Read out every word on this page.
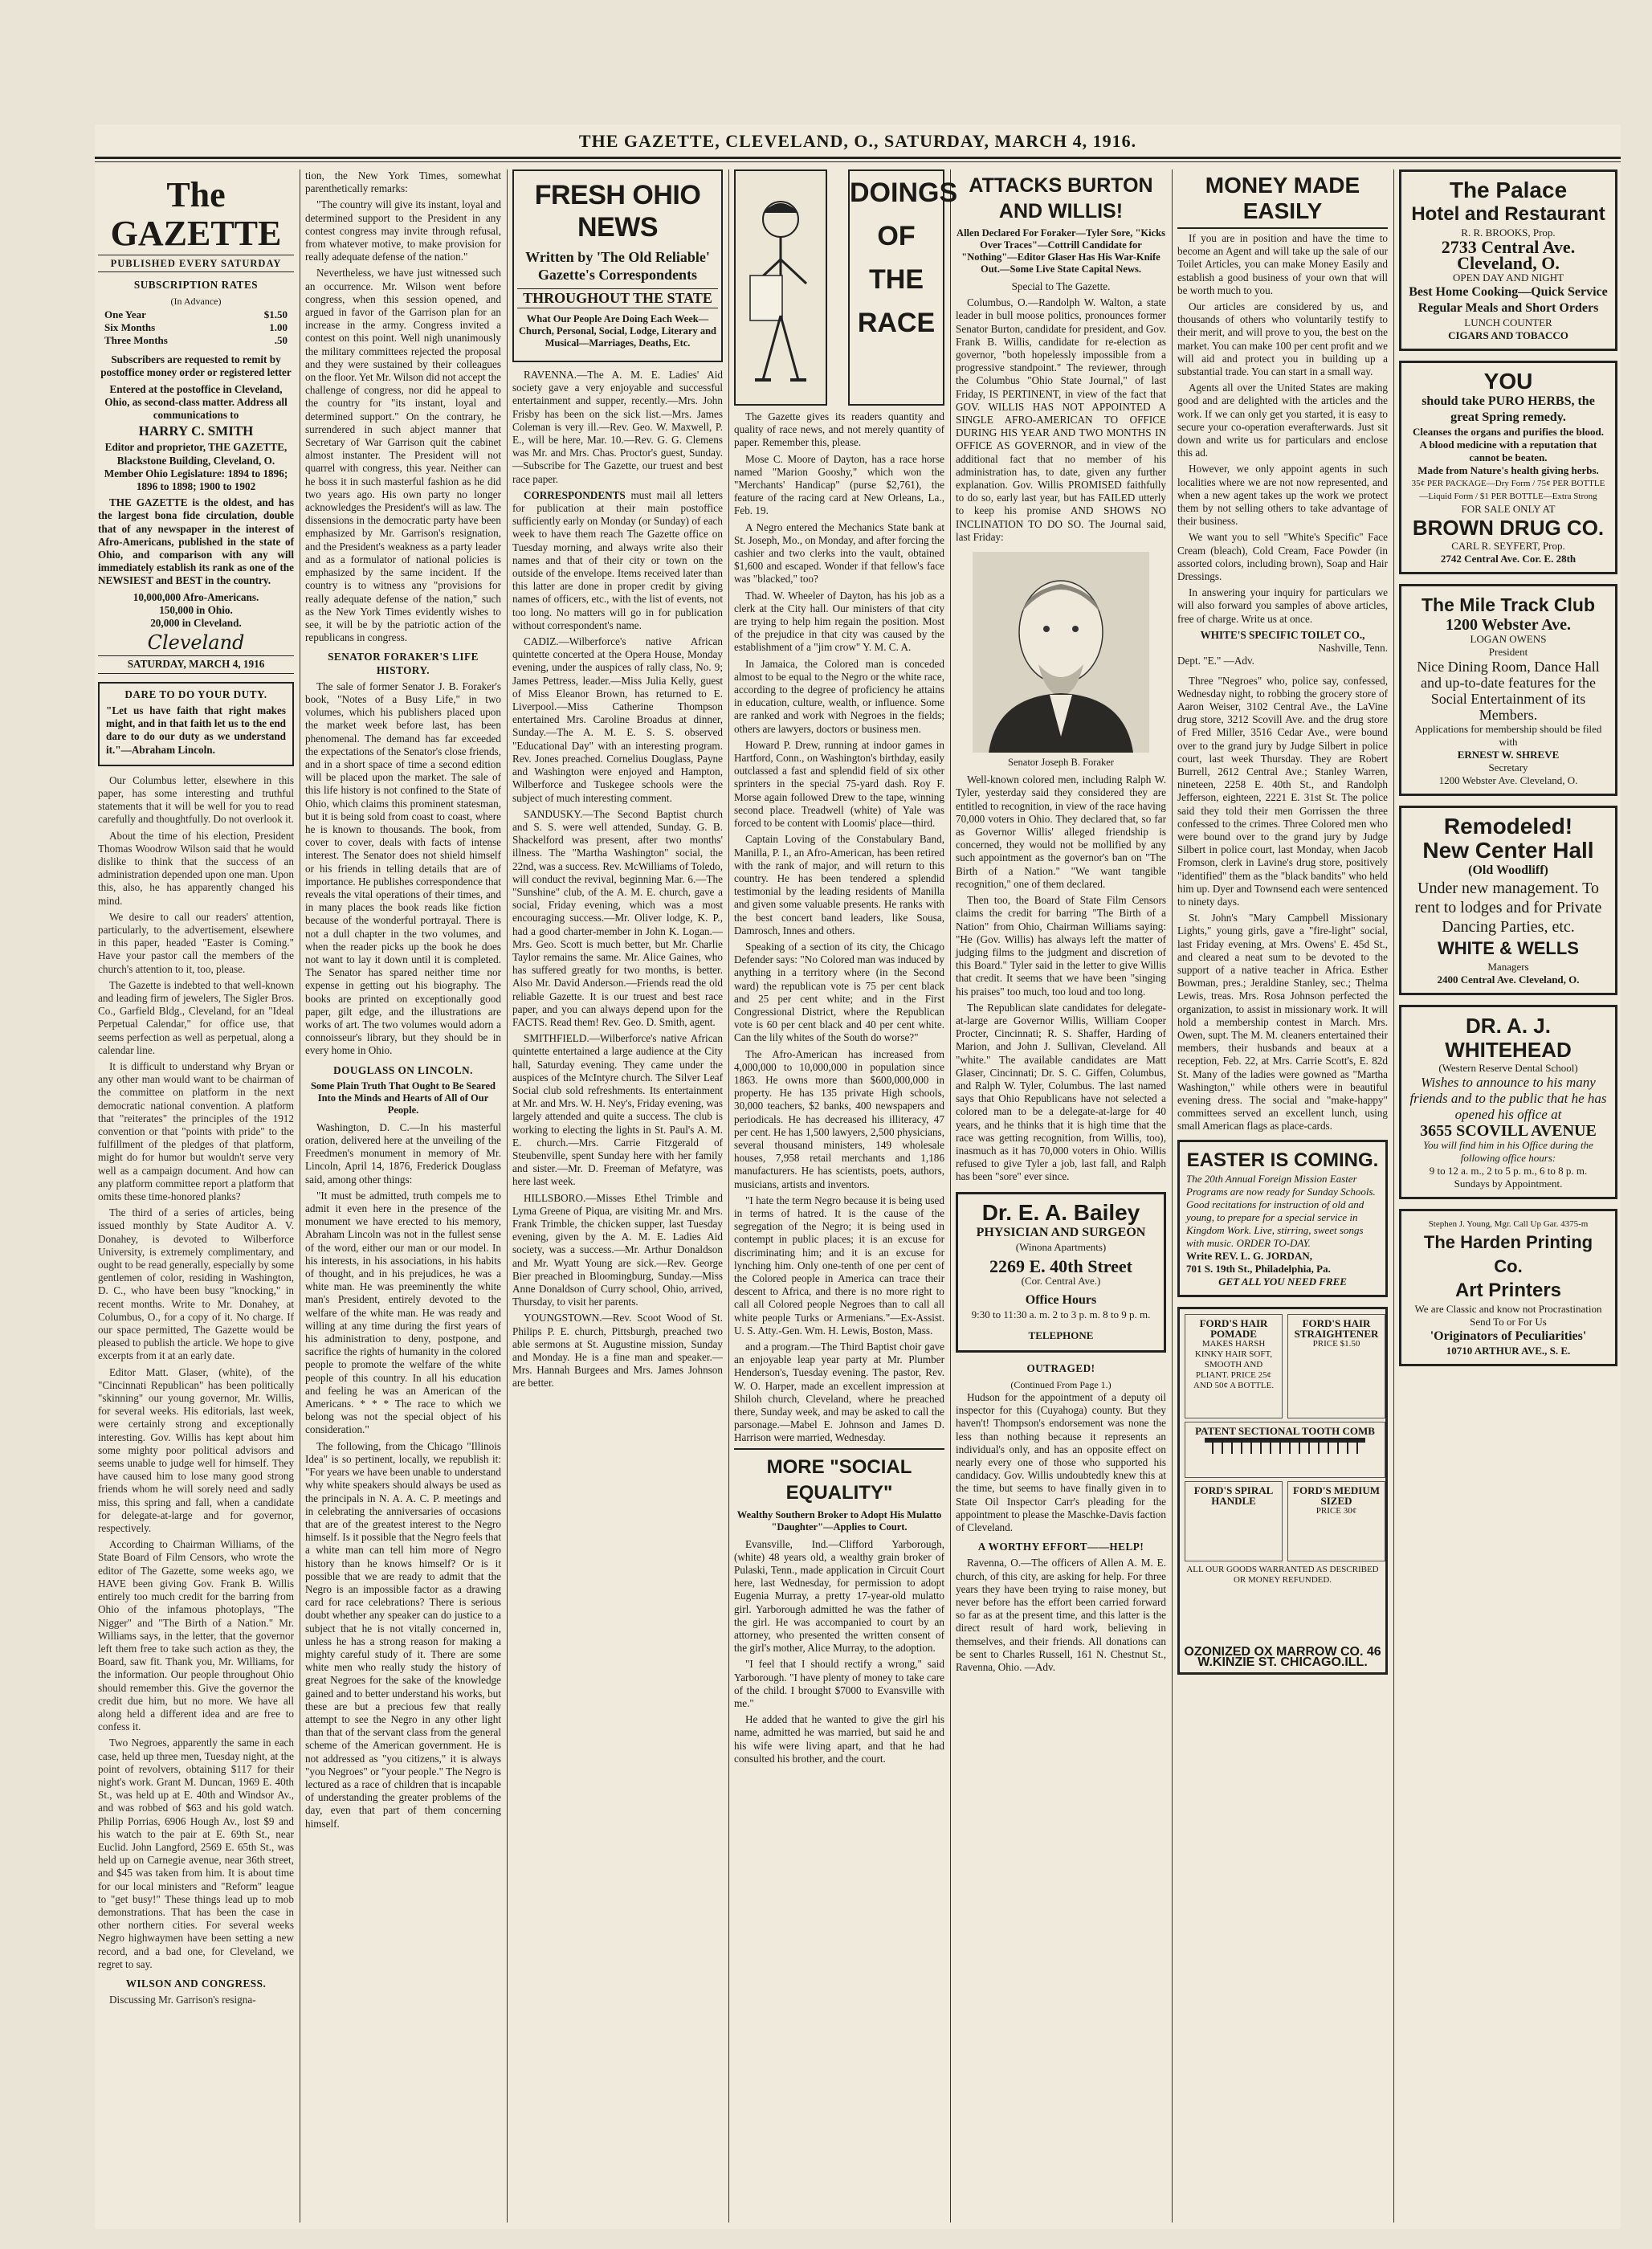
THE GAZETTE, CLEVELAND, O., SATURDAY, MARCH 4, 1916.
The GAZETTE
PUBLISHED EVERY SATURDAY
SUBSCRIPTION RATES
(In Advance)
One Year	$1.50
Six Months	1.00
Three Months	.50

Subscribers are requested to remit by postoffice money order or registered letter

Entered at the postoffice in Cleveland, Ohio, as second-class matter. Address all communications to

HARRY C. SMITH
Editor and proprietor, THE GAZETTE,

Blackstone Building, Cleveland, O. Member Ohio Legislature: 1894 to 1896; 1896 to 1898; 1900 to 1902

THE GAZETTE is the oldest, and has the largest bona fide circulation, double that of any newspaper in the interest of Afro-Americans, published in the state of Ohio, and comparison with any will immediately establish its rank as one of the NEWSIEST and BEST in the country.

10,000,000 Afro-Americans.
150,000 in Ohio.
20,000 in Cleveland.
Cleveland
SATURDAY, MARCH 4, 1916
DARE TO DO YOUR DUTY.

"Let us have faith that right makes might, and in that faith let us to the end dare to do our duty as we understand it."—Abraham Lincoln.

Our Columbus letter, elsewhere in this paper, has some interesting and truthful statements that it will be well for you to read carefully and thoughtfully. Do not overlook it.

About the time of his election, President Thomas Woodrow Wilson said that he would dislike to think that the success of an administration depended upon one man. Upon this, also, he has apparently changed his mind.

We desire to call our readers' attention, particularly, to the advertisement, elsewhere in this paper, headed "Easter is Coming." Have your pastor call the members of the church's attention to it, too, please.

The Gazette is indebted to that well-known and leading firm of jewelers, The Sigler Bros. Co., Garfield Bldg., Cleveland, for an "Ideal Perpetual Calendar," for office use, that seems perfection as well as perpetual, along a calendar line.

It is difficult to understand why Bryan or any other man would want to be chairman of the committee on platform in the next democratic national convention. A platform that "reiterates" the principles of the 1912 convention or that "points with pride" to the fulfillment of the pledges of that platform, might do for humor but wouldn't serve very well as a campaign document. And how can any platform committee report a platform that omits these time-honored planks?

The third of a series of articles, being issued monthly by State Auditor A. V. Donahey, is devoted to Wilberforce University, is extremely complimentary, and ought to be read generally, especially by some gentlemen of color, residing in Washington, D. C., who have been busy "knocking," in recent months. Write to Mr. Donahey, at Columbus, O., for a copy of it. No charge. If our space permitted, The Gazette would be pleased to publish the article. We hope to give excerpts from it at an early date.

Editor Matt. Glaser, (white), of the "Cincinnati Republican" has been politically "skinning" our young governor, Mr. Willis, for several weeks. His editorials, last week, were certainly strong and exceptionally interesting. Gov. Willis has kept about him some mighty poor political advisors and seems unable to judge well for himself. They have caused him to lose many good strong friends whom he will sorely need and sadly miss, this spring and fall, when a candidate for delegate-at-large and for governor, respectively.

According to Chairman Williams, of the State Board of Film Censors, who wrote the editor of The Gazette, some weeks ago, we HAVE been giving Gov. Frank B. Willis entirely too much credit for the barring from Ohio of the infamous photoplays, "The Nigger" and "The Birth of a Nation." Mr. Williams says, in the letter, that the governor left them free to take such action as they, the Board, saw fit. Thank you, Mr. Williams, for the information. Our people throughout Ohio should remember this. Give the governor the credit due him, but no more. We have all along held a different idea and are free to confess it.

Two Negroes, apparently the same in each case, held up three men, Tuesday night, at the point of revolvers, obtaining $117 for their night's work. Grant M. Duncan, 1969 E. 40th St., was held up at E. 40th and Windsor Av., and was robbed of $63 and his gold watch. Philip Porrias, 6906 Hough Av., lost $9 and his watch to the pair at E. 69th St., near Euclid. John Langford, 2569 E. 65th St., was held up on Carnegie avenue, near 36th street, and $45 was taken from him. It is about time for our local ministers and "Reform" league to "get busy!" These things lead up to mob demonstrations. That has been the case in other northern cities. For several weeks Negro highwaymen have been setting a new record, and a bad one, for Cleveland, we regret to say.

WILSON AND CONGRESS.

Discussing Mr. Garrison's resigna-

tion, the New York Times, somewhat parenthetically remarks:

"The country will give its instant, loyal and determined support to the President in any contest congress may invite through refusal, from whatever motive, to make provision for really adequate defense of the nation."

Nevertheless, we have just witnessed such an occurrence. Mr. Wilson went before congress, when this session opened, and argued in favor of the Garrison plan for an increase in the army. Congress invited a contest on this point. Well nigh unanimously the military committees rejected the proposal and they were sustained by their colleagues on the floor. Yet Mr. Wilson did not accept the challenge of congress, nor did he appeal to the country for "its instant, loyal and determined support." On the contrary, he surrendered in such abject manner that Secretary of War Garrison quit the cabinet almost instanter. The President will not quarrel with congress, this year. Neither can he boss it in such masterful fashion as he did two years ago. His own party no longer acknowledges the President's will as law. The dissensions in the democratic party have been emphasized by Mr. Garrison's resignation, and the President's weakness as a party leader and as a formulator of national policies is emphasized by the same incident. If the country is to witness any "provisions for really adequate defense of the nation," such as the New York Times evidently wishes to see, it will be by the patriotic action of the republicans in congress.

SENATOR FORAKER'S LIFE HISTORY.

The sale of former Senator J. B. Foraker's book, "Notes of a Busy Life," in two volumes, which his publishers placed upon the market week before last, has been phenomenal. The demand has far exceeded the expectations of the Senator's close friends, and in a short space of time a second edition will be placed upon the market. The sale of this life history is not confined to the State of Ohio, which claims this prominent statesman, but it is being sold from coast to coast, where he is known to thousands. The book, from cover to cover, deals with facts of intense interest. The Senator does not shield himself or his friends in telling details that are of importance. He publishes correspondence that reveals the vital operations of their times, and in many places the book reads like fiction because of the wonderful portrayal. There is not a dull chapter in the two volumes, and when the reader picks up the book he does not want to lay it down until it is completed. The Senator has spared neither time nor expense in getting out his biography. The books are printed on exceptionally good paper, gilt edge, and the illustrations are works of art. The two volumes would adorn a connoisseur's library, but they should be in every home in Ohio.

DOUGLASS ON LINCOLN.
Some Plain Truth That Ought to Be Seared Into the Minds and Hearts of All of Our People.

Washington, D. C.—In his masterful oration, delivered here at the unveiling of the Freedmen's monument in memory of Mr. Lincoln, April 14, 1876, Frederick Douglass said, among other things:

"It must be admitted, truth compels me to admit it even here in the presence of the monument we have erected to his memory, Abraham Lincoln was not in the fullest sense of the word, either our man or our model. In his interests, in his associations, in his habits of thought, and in his prejudices, he was a white man. He was preeminently the white man's President, entirely devoted to the welfare of the white man. He was ready and willing at any time during the first years of his administration to deny, postpone, and sacrifice the rights of humanity in the colored people to promote the welfare of the white people of this country. In all his education and feeling he was an American of the Americans. * * * The race to which we belong was not the special object of his consideration."

The following, from the Chicago "Illinois Idea" is so pertinent, locally, we republish it: "For years we have been unable to understand why white speakers should always be used as the principals in N. A. A. C. P. meetings and in celebrating the anniversaries of occasions that are of the greatest interest to the Negro himself. Is it possible that the Negro feels that a white man can tell him more of Negro history than he knows himself? Or is it possible that we are ready to admit that the Negro is an impossible factor as a drawing card for race celebrations? There is serious doubt whether any speaker can do justice to a subject that he is not vitally concerned in, unless he has a strong reason for making a mighty careful study of it. There are some white men who really study the history of great Negroes for the sake of the knowledge gained and to better understand his works, but these are but a precious few that really attempt to see the Negro in any other light than that of the servant class from the general scheme of the American government. He is not addressed as "you citizens," it is always "you Negroes" or "your people." The Negro is lectured as a race of children that is incapable of understanding the greater problems of the day, even that part of them concerning himself.

FRESH OHIO NEWS
Written by 'The Old Reliable' Gazette's Correspondents
THROUGHOUT THE STATE
What Our People Are Doing Each Week—Church, Personal, Social, Lodge, Literary and Musical—Marriages, Deaths, Etc.

RAVENNA.—The A. M. E. Ladies' Aid society gave a very enjoyable and successful entertainment and supper, recently.—Mrs. John Frisby has been on the sick list.—Mrs. James Coleman is very ill.—Rev. Geo. W. Maxwell, P. E., will be here, Mar. 10.—Rev. G. G. Clemens was Mr. and Mrs. Chas. Proctor's guest, Sunday.—Subscribe for The Gazette, our truest and best race paper.

CORRESPONDENTS must mail all letters for publication at their main postoffice sufficiently early on Monday (or Sunday) of each week to have them reach The Gazette office on Tuesday morning, and always write also their names and that of their city or town on the outside of the envelope. Items received later than this latter are done in proper credit by giving names of officers, etc., with the list of events, not too long. No matters will go in for publication without correspondent's name.

CADIZ.—Wilberforce's native African quintette concerted at the Opera House, Monday evening, under the auspices of rally class, No. 9; James Pettress, leader.—Miss Julia Kelly, guest of Miss Eleanor Brown, has returned to E. Liverpool.—Miss Catherine Thompson entertained Mrs. Caroline Broadus at dinner, Sunday.—The A. M. E. S. S. observed "Educational Day" with an interesting program. Rev. Jones preached. Cornelius Douglass, Payne and Washington were enjoyed and Hampton, Wilberforce and Tuskegee schools were the subject of much interesting comment.

SANDUSKY.—The Second Baptist church and S. S. were well attended, Sunday. G. B. Shackelford was present, after two months' illness. The "Martha Washington" social, the 22nd, was a success. Rev. McWilliams of Toledo, will conduct the revival, beginning Mar. 6.—The "Sunshine" club, of the A. M. E. church, gave a social, Friday evening, which was a most encouraging success.—Mr. Oliver lodge, K. P., had a good charter-member in John K. Logan.—Mrs. Geo. Scott is much better, but Mr. Charlie Taylor remains the same. Mr. Alice Gaines, who has suffered greatly for two months, is better. Also Mr. David Anderson.—Friends read the old reliable Gazette. It is our truest and best race paper, and you can always depend upon for the FACTS. Read them! Rev. Geo. D. Smith, agent.

SMITHFIELD.—Wilberforce's native African quintette entertained a large audience at the City hall, Saturday evening. They came under the auspices of the McIntyre church. The Silver Leaf Social club sold refreshments. Its entertainment at Mr. and Mrs. W. H. Ney's, Friday evening, was largely attended and quite a success. The club is working to electing the lights in St. Paul's A. M. E. church.—Mrs. Carrie Fitzgerald of Steubenville, spent Sunday here with her family and sister.—Mr. D. Freeman of Mefatyre, was here last week.

HILLSBORO.—Misses Ethel Trimble and Lyma Greene of Piqua, are visiting Mr. and Mrs. Frank Trimble, the chicken supper, last Tuesday evening, given by the A. M. E. Ladies Aid society, was a success.—Mr. Arthur Donaldson and Mr. Wyatt Young are sick.—Rev. George Bier preached in Bloomingburg, Sunday.—Miss Anne Donaldson of Curry school, Ohio, arrived, Thursday, to visit her parents.

YOUNGSTOWN.—Rev. Scoot Wood of St. Philips P. E. church, Pittsburgh, preached two able sermons at St. Augustine mission, Sunday and Monday. He is a fine man and speaker.—Mrs. Hannah Burgees and Mrs. James Johnson are better.

DOINGS
OF
THE
RACE

The Gazette gives its readers quantity and quality of race news, and not merely quantity of paper. Remember this, please.

Mose C. Moore of Dayton, has a race horse named "Marion Gooshy," which won the "Merchants' Handicap" (purse $2,761), the feature of the racing card at New Orleans, La., Feb. 19.

A Negro entered the Mechanics State bank at St. Joseph, Mo., on Monday, and after forcing the cashier and two clerks into the vault, obtained $1,600 and escaped. Wonder if that fellow's face was "blacked," too?

Thad. W. Wheeler of Dayton, has his job as a clerk at the City hall. Our ministers of that city are trying to help him regain the position. Most of the prejudice in that city was caused by the establishment of a "jim crow" Y. M. C. A.

In Jamaica, the Colored man is conceded almost to be equal to the Negro or the white race, according to the degree of proficiency he attains in education, culture, wealth, or influence. Some are ranked and work with Negroes in the fields; others are lawyers, doctors or business men.

Howard P. Drew, running at indoor games in Hartford, Conn., on Washington's birthday, easily outclassed a fast and splendid field of six other sprinters in the special 75-yard dash. Roy F. Morse again followed Drew to the tape, winning second place. Treadwell (white) of Yale was forced to be content with Loomis' place—third.

Captain Loving of the Constabulary Band, Manilla, P. I., an Afro-American, has been retired with the rank of major, and will return to this country. He has been tendered a splendid testimonial by the leading residents of Manilla and given some valuable presents. He ranks with the best concert band leaders, like Sousa, Damrosch, Innes and others.

Speaking of a section of its city, the Chicago Defender says: "No Colored man was induced by anything in a territory where (in the Second ward) the republican vote is 75 per cent black and 25 per cent white; and in the First Congressional District, where the Republican vote is 60 per cent black and 40 per cent white. Can the lily whites of the South do worse?"

The Afro-American has increased from 4,000,000 to 10,000,000 in population since 1863. He owns more than $600,000,000 in property. He has 135 private High schools, 30,000 teachers, $2 banks, 400 newspapers and periodicals. He has decreased his illiteracy, 47 per cent. He has 1,500 lawyers, 2,500 physicians, several thousand ministers, 149 wholesale houses, 7,958 retail merchants and 1,186 manufacturers. He has scientists, poets, authors, musicians, artists and inventors.

"I hate the term Negro because it is being used in terms of hatred. It is the cause of the segregation of the Negro; it is being used in contempt in public places; it is an excuse for discriminating him; and it is an excuse for lynching him. Only one-tenth of one per cent of the Colored people in America can trace their descent to Africa, and there is no more right to call all Colored people Negroes than to call all white people Turks or Armenians."—Ex-Assist. U. S. Atty.-Gen. Wm. H. Lewis, Boston, Mass.

and a program.—The Third Baptist choir gave an enjoyable leap year party at Mr. Plumber Henderson's, Tuesday evening. The pastor, Rev. W. O. Harper, made an excellent impression at Shiloh church, Cleveland, where he preached there, Sunday week, and may be asked to call the parsonage.—Mabel E. Johnson and James D. Harrison were married, Wednesday.

MORE "SOCIAL EQUALITY"
Wealthy Southern Broker to Adopt His Mulatto "Daughter"—Applies to Court.

Evansville, Ind.—Clifford Yarborough, (white) 48 years old, a wealthy grain broker of Pulaski, Tenn., made application in Circuit Court here, last Wednesday, for permission to adopt Eugenia Murray, a pretty 17-year-old mulatto girl. Yarborough admitted he was the father of the girl. He was accompanied to court by an attorney, who presented the written consent of the girl's mother, Alice Murray, to the adoption.

"I feel that I should rectify a wrong," said Yarborough. "I have plenty of money to take care of the child. I brought $7000 to Evansville with me."

He added that he wanted to give the girl his name, admitted he was married, but said he and his wife were living apart, and that he had consulted his brother, and the court.

ATTACKS BURTON AND WILLIS!
Allen Declared For Foraker—Tyler Sore, "Kicks Over Traces"—Cottrill Candidate for "Nothing"—Editor Glaser Has His War-Knife Out.—Some Live State Capital News.
Special to The Gazette.

Columbus, O.—Randolph W. Walton, a state leader in bull moose politics, pronounces former Senator Burton, candidate for president, and Gov. Frank B. Willis, candidate for re-election as governor, "both hopelessly impossible from a progressive standpoint." The reviewer, through the Columbus "Ohio State Journal," of last Friday, IS PERTINENT, in view of the fact that GOV. WILLIS HAS NOT APPOINTED A SINGLE AFRO-AMERICAN TO OFFICE DURING HIS YEAR AND TWO MONTHS IN OFFICE AS GOVERNOR, and in view of the additional fact that no member of his administration has, to date, given any further explanation. Gov. Willis PROMISED faithfully to do so, early last year, but has FAILED utterly to keep his promise AND SHOWS NO INCLINATION TO DO SO. The Journal said, last Friday:

Senator Joseph B. Foraker

Well-known colored men, including Ralph W. Tyler, yesterday said they considered they are entitled to recognition, in view of the race having 70,000 voters in Ohio. They declared that, so far as Governor Willis' alleged friendship is concerned, they would not be mollified by any such appointment as the governor's ban on "The Birth of a Nation." "We want tangible recognition," one of them declared.

Then too, the Board of State Film Censors claims the credit for barring "The Birth of a Nation" from Ohio, Chairman Williams saying: "He (Gov. Willis) has always left the matter of judging films to the judgment and discretion of this Board." Tyler said in the letter to give Willis that credit. It seems that we have been "singing his praises" too much, too loud and too long.

The Republican slate candidates for delegate-at-large are Governor Willis, William Cooper Procter, Cincinnati; R. S. Shaffer, Harding of Marion, and John J. Sullivan, Cleveland. All "white." The available candidates are Matt Glaser, Cincinnati; Dr. S. C. Giffen, Columbus, and Ralph W. Tyler, Columbus. The last named says that Ohio Republicans have not selected a colored man to be a delegate-at-large for 40 years, and he thinks that it is high time that the race was getting recognition, from Willis, too), inasmuch as it has 70,000 voters in Ohio. Willis refused to give Tyler a job, last fall, and Ralph has been "sore" ever since.

Dr. E. A. Bailey
PHYSICIAN AND SURGEON
(Winona Apartments)
2269 E. 40th Street
(Cor. Central Ave.)
Office Hours
9:30 to 11:30 a. m. 2 to 3 p. m. 8 to 9 p. m.
TELEPHONE
OUTRAGED!
(Continued From Page 1.)

Hudson for the appointment of a deputy oil inspector for this (Cuyahoga) county. But they haven't! Thompson's endorsement was none the less than nothing because it represents an individual's only, and has an opposite effect on nearly every one of those who supported his candidacy. Gov. Willis undoubtedly knew this at the time, but seems to have finally given in to State Oil Inspector Carr's pleading for the appointment to please the Maschke-Davis faction of Cleveland.

A WORTHY EFFORT——HELP!

Ravenna, O.—The officers of Allen A. M. E. church, of this city, are asking for help. For three years they have been trying to raise money, but never before has the effort been carried forward so far as at the present time, and this latter is the direct result of hard work, believing in themselves, and their friends. All donations can be sent to Charles Russell, 161 N. Chestnut St., Ravenna, Ohio. —Adv.

MONEY MADE EASILY

If you are in position and have the time to become an Agent and will take up the sale of our Toilet Articles, you can make Money Easily and establish a good business of your own that will be worth much to you.

Our articles are considered by us, and thousands of others who voluntarily testify to their merit, and will prove to you, the best on the market. You can make 100 per cent profit and we will aid and protect you in building up a substantial trade. You can start in a small way.

Agents all over the United States are making good and are delighted with the articles and the work. If we can only get you started, it is easy to secure your co-operation everafterwards. Just sit down and write us for particulars and enclose this ad.

However, we only appoint agents in such localities where we are not now represented, and when a new agent takes up the work we protect them by not selling others to take advantage of their business.

We want you to sell "White's Specific" Face Cream (bleach), Cold Cream, Face Powder (in assorted colors, including brown), Soap and Hair Dressings.

In answering your inquiry for particulars we will also forward you samples of above articles, free of charge. Write us at once.

WHITE'S SPECIFIC TOILET CO.,
Nashville, Tenn.
Dept. "E." —Adv.

Three "Negroes" who, police say, confessed, Wednesday night, to robbing the grocery store of Aaron Weiser, 3102 Central Ave., the LaVine drug store, 3212 Scovill Ave. and the drug store of Fred Miller, 3516 Cedar Ave., were bound over to the grand jury by Judge Silbert in police court, last week Thursday. They are Robert Burrell, 2612 Central Ave.; Stanley Warren, nineteen, 2258 E. 40th St., and Randolph Jefferson, eighteen, 2221 E. 31st St. The police said they told their men Gorrissen the three confessed to the crimes. Three Colored men who were bound over to the grand jury by Judge Silbert in police court, last Monday, when Jacob Fromson, clerk in Lavine's drug store, positively "identified" them as the "black bandits" who held him up. Dyer and Townsend each were sentenced to ninety days.

St. John's "Mary Campbell Missionary Lights," young girls, gave a "fire-light" social, last Friday evening, at Mrs. Owens' E. 45d St., and cleared a neat sum to be devoted to the support of a native teacher in Africa. Esther Bowman, pres.; Jeraldine Stanley, sec.; Thelma Lewis, treas. Mrs. Rosa Johnson perfected the organization, to assist in missionary work. It will hold a membership contest in March. Mrs. Owen, supt. The M. M. cleaners entertained their members, their husbands and beaux at a reception, Feb. 22, at Mrs. Carrie Scott's, E. 82d St. Many of the ladies were gowned as "Martha Washington," while others were in beautiful evening dress. The social and "make-happy" committees served an excellent lunch, using small American flags as place-cards.

EASTER IS COMING.
The 20th Annual Foreign Mission Easter Programs are now ready for Sunday Schools. Good recitations for instruction of old and young, to prepare for a special service in Kingdom Work. Live, stirring, sweet songs with music. ORDER TO-DAY.
Write REV. L. G. JORDAN,
701 S. 19th St., Philadelphia, Pa.
GET ALL YOU NEED FREE
FORD'S HAIR POMADE
MAKES HARSH KINKY HAIR SOFT, SMOOTH AND PLIANT. PRICE 25¢ AND 50¢ A BOTTLE.
FORD'S HAIR STRAIGHTENER
PRICE $1.50
PATENT SECTIONAL TOOTH COMB
FORD'S SPIRAL HANDLE
FORD'S MEDIUM SIZED
PRICE 30¢
ALL OUR GOODS WARRANTED AS DESCRIBED OR MONEY REFUNDED.
OZONIZED OX MARROW CO. 46 W.KINZIE ST. CHICAGO.ILL.
The Palace
Hotel and Restaurant
R. R. BROOKS, Prop.
2733 Central Ave.
Cleveland, O.
OPEN DAY AND NIGHT
Best Home Cooking—Quick Service Regular Meals and Short Orders
LUNCH COUNTER
CIGARS AND TOBACCO
YOU
should take PURO HERBS, the great Spring remedy.
Cleanses the organs and purifies the blood.
A blood medicine with a reputation that cannot be beaten.
Made from Nature's health giving herbs.
35¢ PER PACKAGE—Dry Form / 75¢ PER BOTTLE—Liquid Form / $1 PER BOTTLE—Extra Strong
FOR SALE ONLY AT
BROWN DRUG CO.
CARL R. SEYFERT, Prop.
2742 Central Ave. Cor. E. 28th
The Mile Track Club
1200 Webster Ave.
LOGAN OWENS
President
Nice Dining Room, Dance Hall and up-to-date features for the Social Entertainment of its Members.
Applications for membership should be filed with
ERNEST W. SHREVE
Secretary
1200 Webster Ave. Cleveland, O.
Remodeled!
New Center Hall
(Old Woodliff)
Under new management. To rent to lodges and for Private Dancing Parties, etc.
WHITE & WELLS
Managers
2400 Central Ave. Cleveland, O.
DR. A. J. WHITEHEAD
(Western Reserve Dental School)
Wishes to announce to his many friends and to the public that he has opened his office at
3655 SCOVILL AVENUE
You will find him in his Office during the following office hours:
9 to 12 a. m., 2 to 5 p. m., 6 to 8 p. m.
Sundays by Appointment.
Stephen J. Young, Mgr. Call Up Gar. 4375-m
The Harden Printing Co.
Art Printers
We are Classic and know not Procrastination
Send To or For Us
'Originators of Peculiarities'
10710 ARTHUR AVE., S. E.
